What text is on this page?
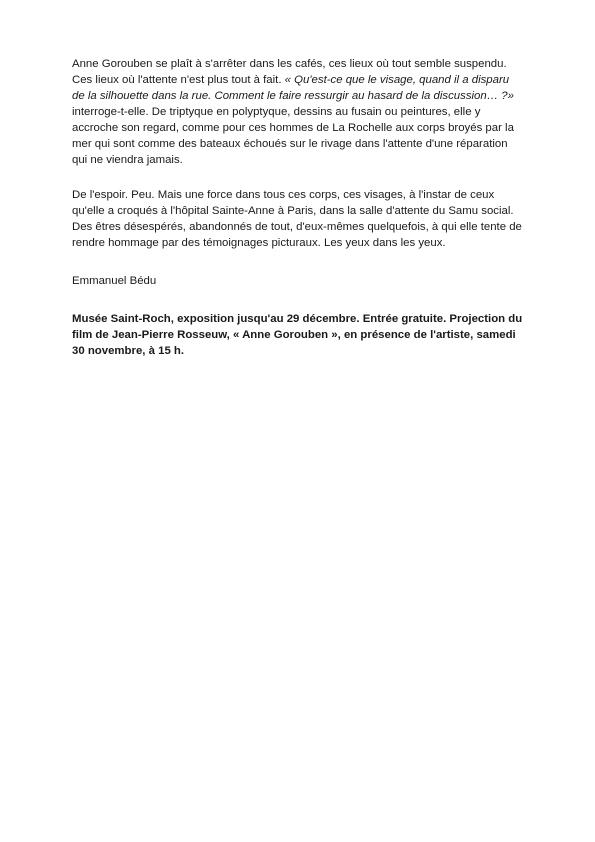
Anne Gorouben se plaît à s'arrêter dans les cafés, ces lieux où tout semble suspendu. Ces lieux où l'attente n'est plus tout à fait. « Qu'est-ce que le visage, quand il a disparu de la silhouette dans la rue. Comment le faire ressurgir au hasard de la discussion… ?» interroge-t-elle. De triptyque en polyptyque, dessins au fusain ou peintures, elle y accroche son regard, comme pour ces hommes de La Rochelle aux corps broyés par la mer qui sont comme des bateaux échoués sur le rivage dans l'attente d'une réparation qui ne viendra jamais.

De l'espoir. Peu. Mais une force dans tous ces corps, ces visages, à l'instar de ceux qu'elle a croqués à l'hôpital Sainte-Anne à Paris, dans la salle d'attente du Samu social. Des êtres désespérés, abandonnés de tout, d'eux-mêmes quelquefois, à qui elle tente de rendre hommage par des témoignages picturaux. Les yeux dans les yeux.

Emmanuel Bédu

Musée Saint-Roch, exposition jusqu'au 29 décembre. Entrée gratuite. Projection du film de Jean-Pierre Rosseuw, « Anne Gorouben », en présence de l'artiste, samedi 30 novembre, à 15 h.
